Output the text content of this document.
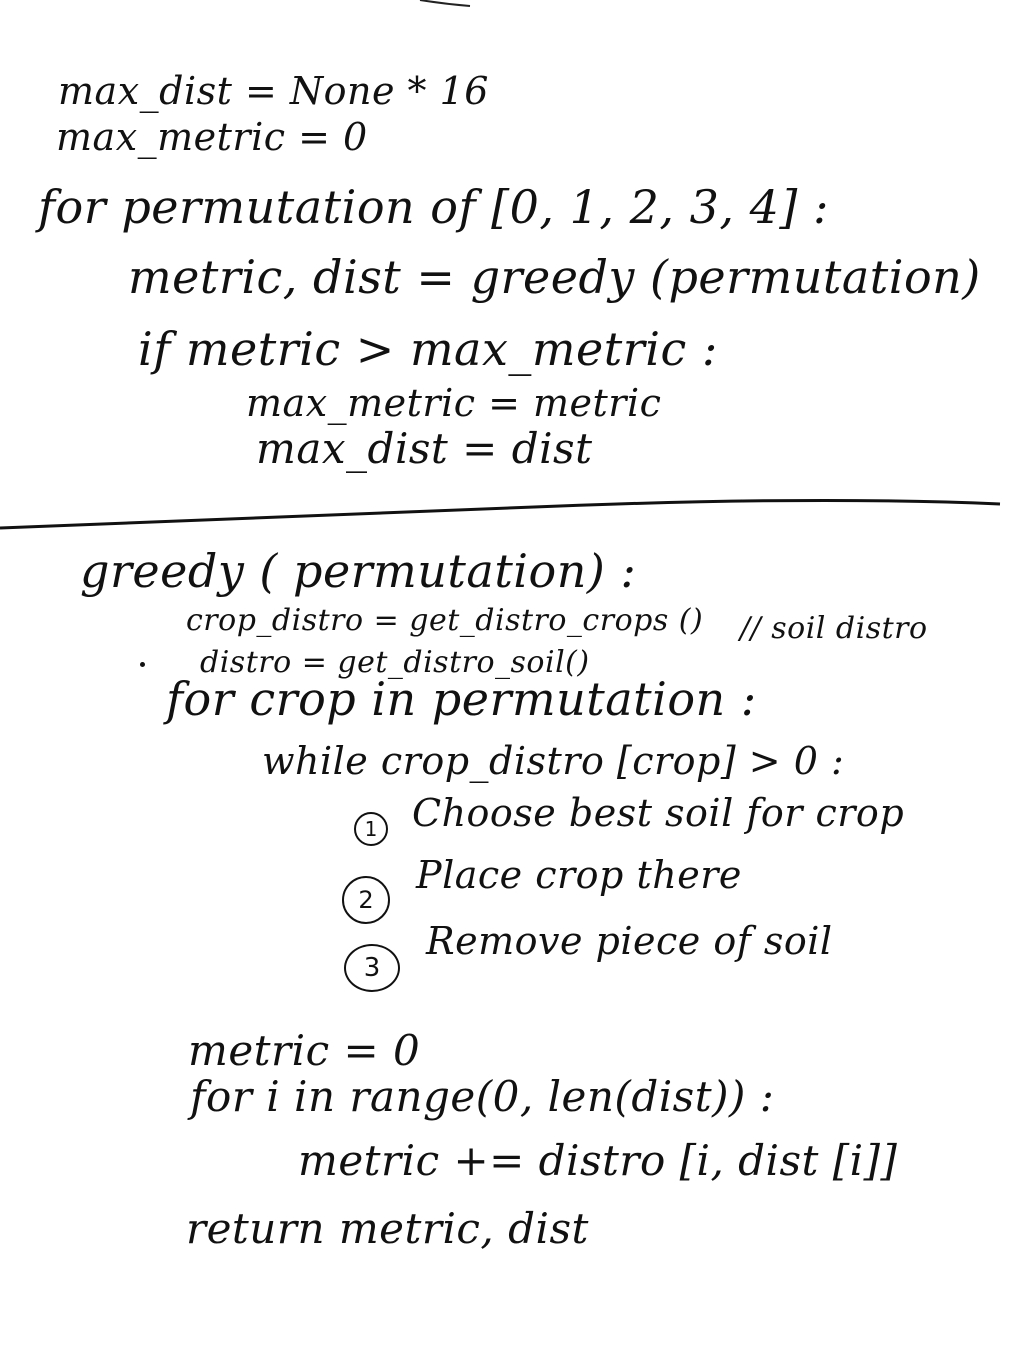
max_dist = None * 16
max_metric = 0
for permutation of [0, 1, 2, 3, 4] :
metric, dist = greedy (permutation)
if metric > max_metric :
max_metric = metric
max_dist = dist
greedy ( permutation) :
crop_distro = get_distro_crops ()
distro = get_distro_soil()
// soil distro
for crop in permutation :
while crop_distro [crop] > 0 :
1 Choose best soil for crop
2
Place crop there
3
Remove piece of soil
metric = 0
for i in range(0, len(dist)) :
metric += distro [i, dist [i]]
return metric, dist
